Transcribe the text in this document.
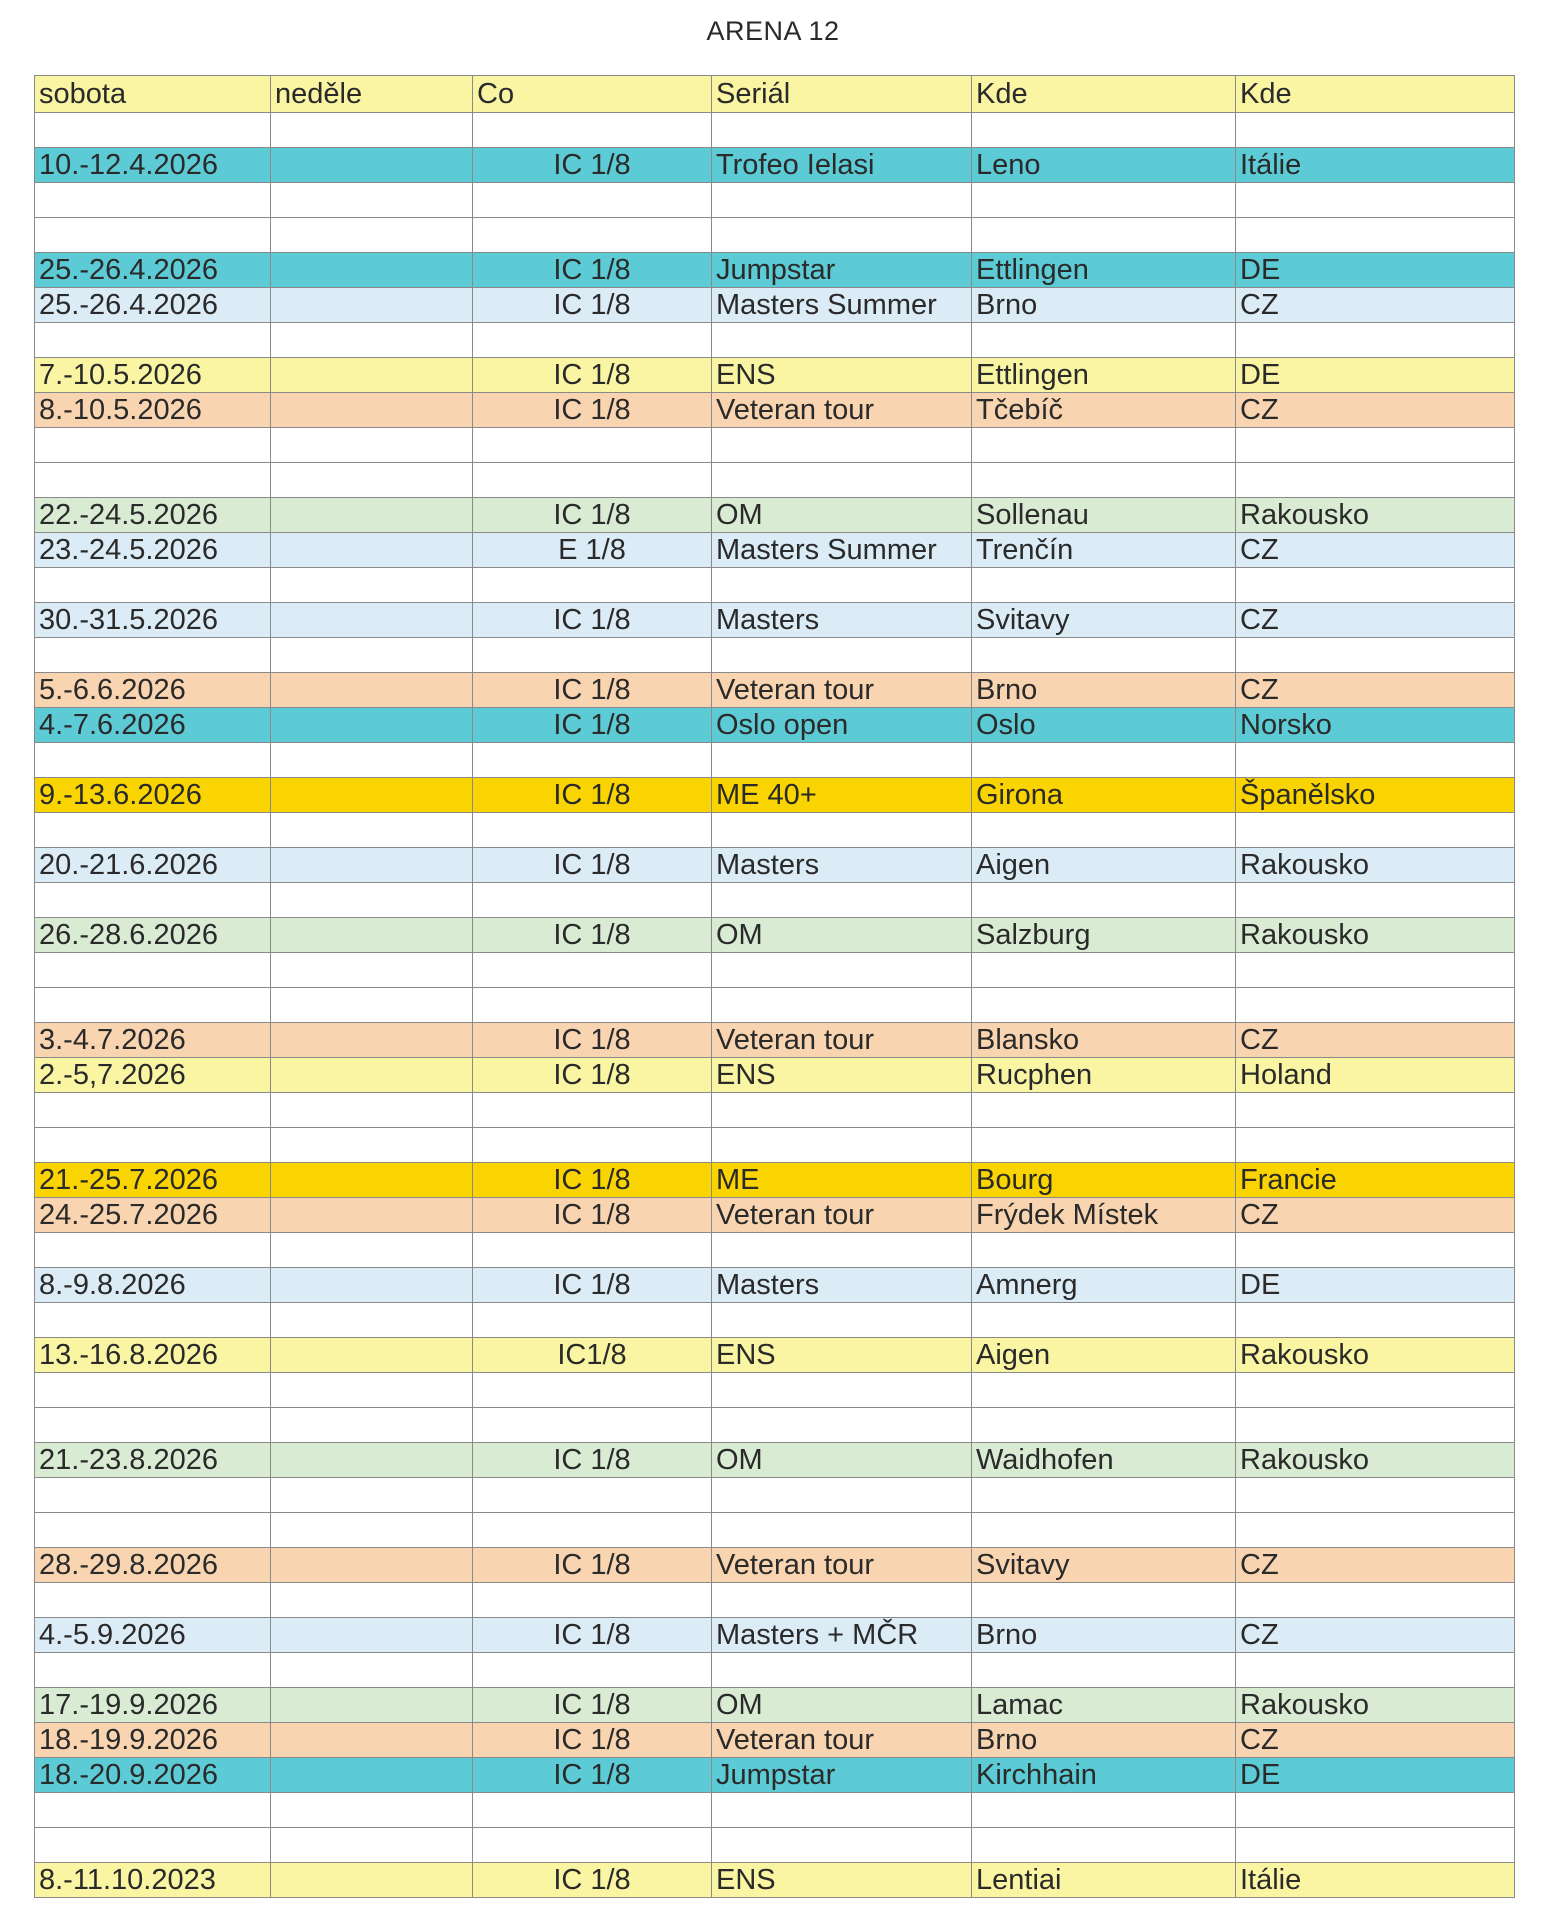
ARENA 12
sobota	neděle	Co	Seriál	Kde	Kde

10.-12.4.2026		IC 1/8	Trofeo Ielasi	Leno	Itálie

25.-26.4.2026		IC 1/8	Jumpstar	Ettlingen	DE
25.-26.4.2026		IC 1/8	Masters Summer	Brno	CZ

7.-10.5.2026		IC 1/8	ENS	Ettlingen	DE
8.-10.5.2026		IC 1/8	Veteran tour	Tčebíč	CZ

22.-24.5.2026		IC 1/8	OM	Sollenau	Rakousko
23.-24.5.2026		E 1/8	Masters Summer	Trenčín	CZ

30.-31.5.2026		IC 1/8	Masters	Svitavy	CZ

5.-6.6.2026		IC 1/8	Veteran tour	Brno	CZ
4.-7.6.2026		IC 1/8	Oslo open	Oslo	Norsko

9.-13.6.2026		IC 1/8	ME 40+	Girona	Španělsko

20.-21.6.2026		IC 1/8	Masters	Aigen	Rakousko

26.-28.6.2026		IC 1/8	OM	Salzburg	Rakousko

3.-4.7.2026		IC 1/8	Veteran tour	Blansko	CZ
2.-5,7.2026		IC 1/8	ENS	Rucphen	Holand

21.-25.7.2026		IC 1/8	ME	Bourg	Francie
24.-25.7.2026		IC 1/8	Veteran tour	Frýdek Místek	CZ

8.-9.8.2026		IC 1/8	Masters	Amnerg	DE

13.-16.8.2026		IC1/8	ENS	Aigen	Rakousko

21.-23.8.2026		IC 1/8	OM	Waidhofen	Rakousko

28.-29.8.2026		IC 1/8	Veteran tour	Svitavy	CZ

4.-5.9.2026		IC 1/8	Masters + MČR	Brno	CZ

17.-19.9.2026		IC 1/8	OM	Lamac	Rakousko
18.-19.9.2026		IC 1/8	Veteran tour	Brno	CZ
18.-20.9.2026		IC 1/8	Jumpstar	Kirchhain	DE

8.-11.10.2023		IC 1/8	ENS	Lentiai	Itálie
